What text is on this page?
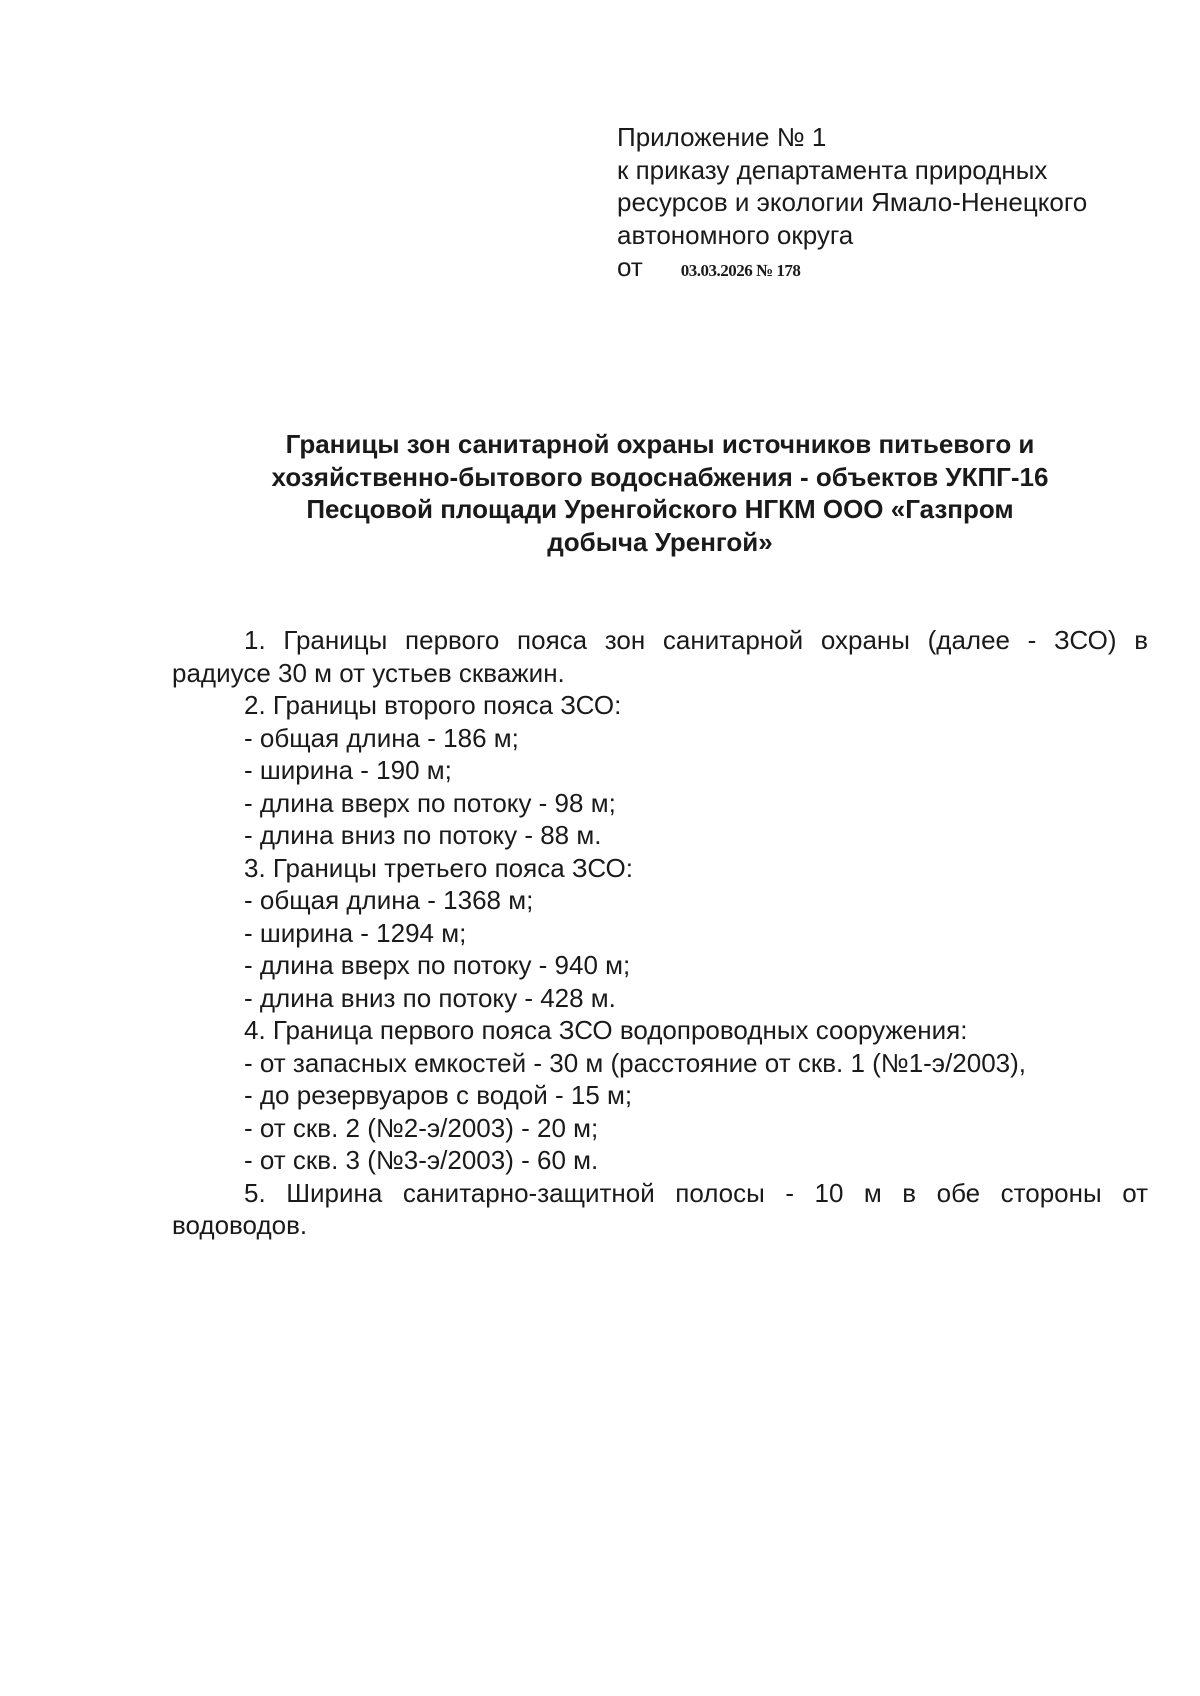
Приложение № 1
к приказу департамента природных
ресурсов и экологии Ямало-Ненецкого
автономного округа
от 03.03.2026 № 178
Границы зон санитарной охраны источников питьевого и
хозяйственно-бытового водоснабжения - объектов УКПГ-16
Песцовой площади Уренгойского НГКМ ООО «Газпром
добыча Уренгой»

1. Границы первого пояса зон санитарной охраны (далее - ЗСО) в радиусе 30 м от устьев скважин.

2. Границы второго пояса ЗСО:

- общая длина - 186 м;
- ширина - 190 м;
- длина вверх по потоку - 98 м;
- длина вниз по потоку - 88 м.

3. Границы третьего пояса ЗСО:

- общая длина - 1368 м;
- ширина - 1294 м;
- длина вверх по потоку - 940 м;
- длина вниз по потоку - 428 м.

4. Граница первого пояса ЗСО водопроводных сооружения:

- от запасных емкостей - 30 м (расстояние от скв. 1 (№1-э/2003),
- до резервуаров с водой - 15 м;
- от скв. 2 (№2-э/2003) - 20 м;
- от скв. 3 (№3-э/2003) - 60 м.

5. Ширина санитарно-защитной полосы - 10 м в обе стороны от водоводов.
